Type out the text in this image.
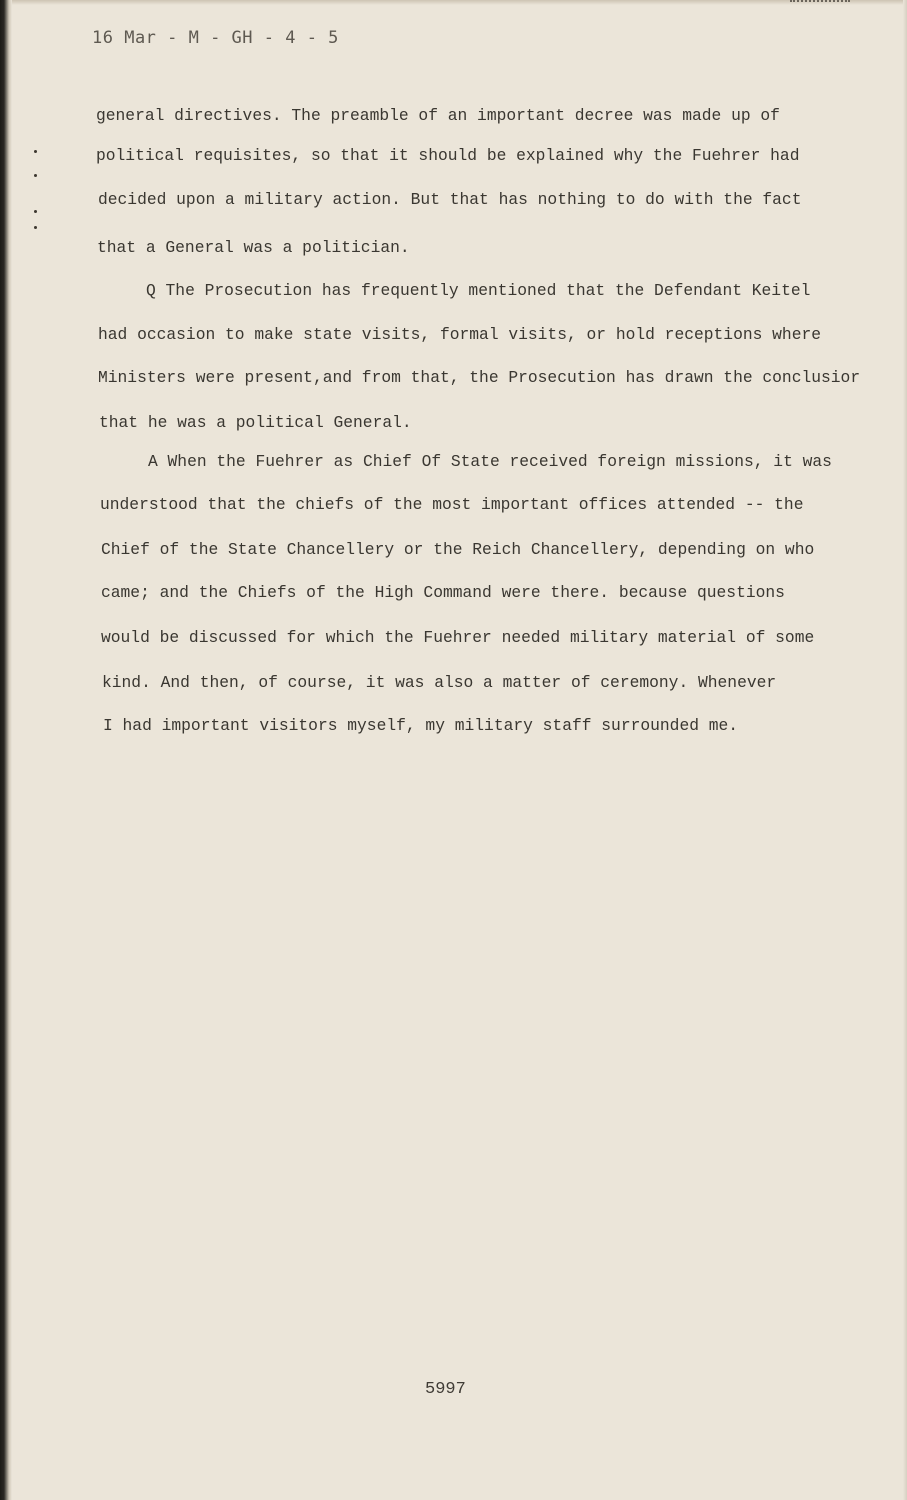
16 Mar - M - GH - 4 - 5
general directives. The preamble of an important decree was made up of
political requisites, so that it should be explained why the Fuehrer had
decided upon a military action. But that has nothing to do with the fact
that a General was a politician.
Q The Prosecution has frequently mentioned that the Defendant Keitel
had occasion to make state visits, formal visits, or hold receptions where
Ministers were present,and from that, the Prosecution has drawn the conclusior
that he was a political General.
A When the Fuehrer as Chief Of State received foreign missions, it was
understood that the chiefs of the most important offices attended -- the
Chief of the State Chancellery or the Reich Chancellery, depending on who
came; and the Chiefs of the High Command were there. because questions
would be discussed for which the Fuehrer needed military material of some
kind. And then, of course, it was also a matter of ceremony. Whenever
I had important visitors myself, my military staff surrounded me.
5997
